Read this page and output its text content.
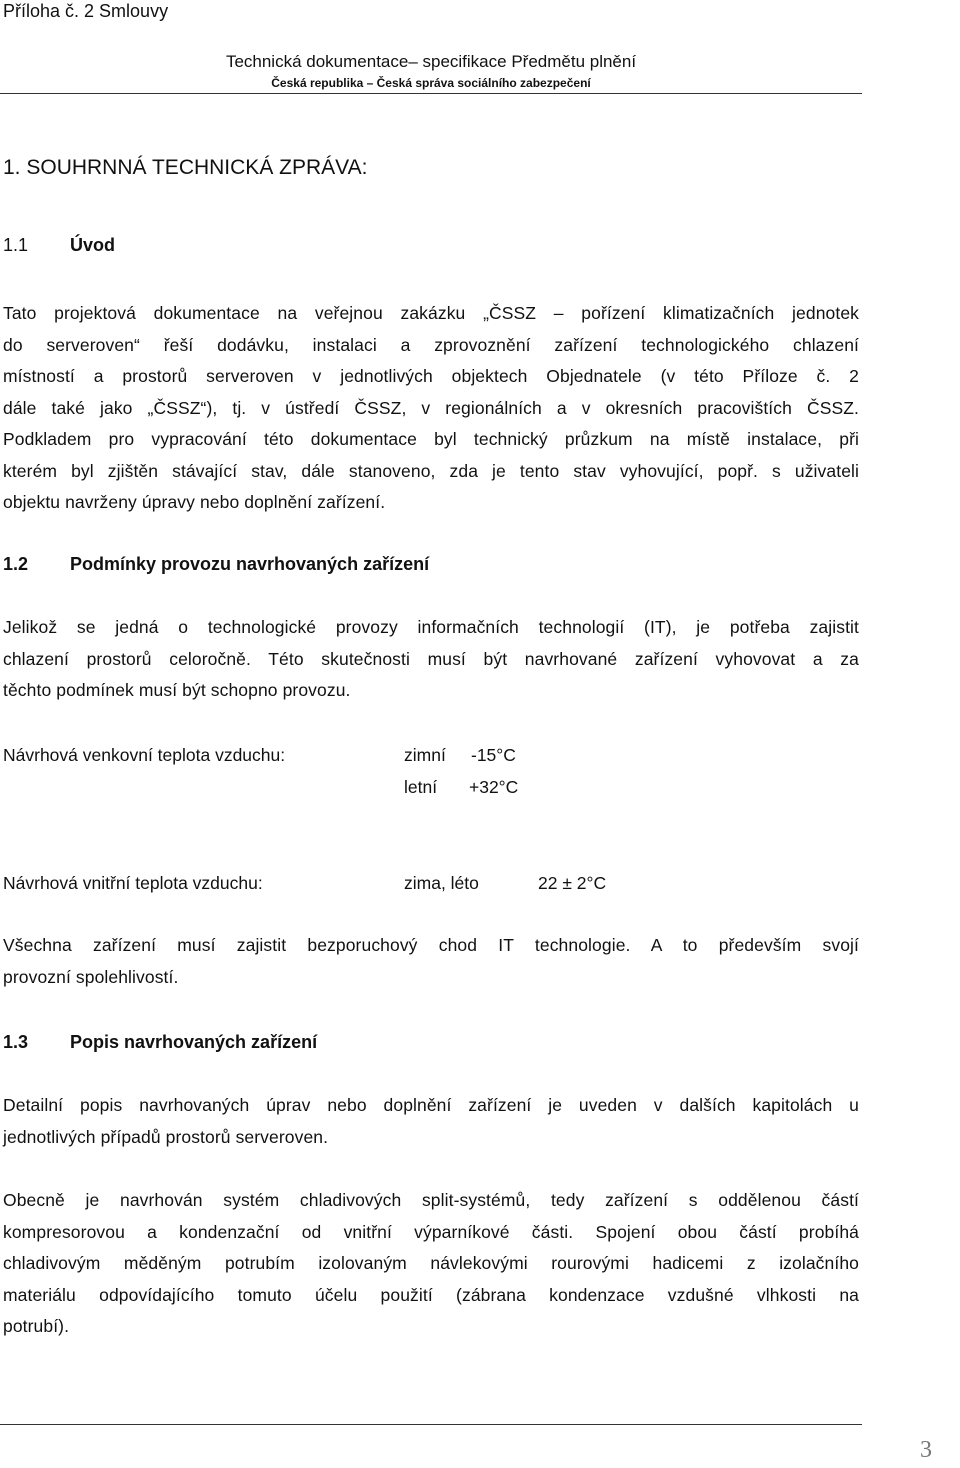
Příloha č. 2 Smlouvy
Technická dokumentace– specifikace Předmětu plnění
Česká republika – Česká správa sociálního zabezpečení
1. SOUHRNNÁ TECHNICKÁ ZPRÁVA:
1.1 Úvod
Tato projektová dokumentace na veřejnou zakázku „ČSSZ – pořízení klimatizačních jednotek
do serveroven“ řeší dodávku, instalaci a zprovoznění zařízení technologického chlazení
místností a prostorů serveroven v jednotlivých objektech Objednatele (v této Příloze č. 2
dále také jako „ČSSZ“), tj. v ústředí ČSSZ, v regionálních a v okresních pracovištích ČSSZ.
Podkladem pro vypracování této dokumentace byl technický průzkum na místě instalace, při
kterém byl zjištěn stávající stav, dále stanoveno, zda je tento stav vyhovující, popř. s uživateli
objektu navrženy úpravy nebo doplnění zařízení.
1.2 Podmínky provozu navrhovaných zařízení
Jelikož se jedná o technologické provozy informačních technologií (IT), je potřeba zajistit
chlazení prostorů celoročně. Této skutečnosti musí být navrhované zařízení vyhovovat a za
těchto podmínek musí být schopno provozu.
Návrhová venkovní teplota vzduchu:	zimní -15°C
letní +32°C
Návrhová vnitřní teplota vzduchu:	zima, léto	22 ± 2°C
Všechna zařízení musí zajistit bezporuchový chod IT technologie. A to především svojí
provozní spolehlivostí.
1.3 Popis navrhovaných zařízení
Detailní popis navrhovaných úprav nebo doplnění zařízení je uveden v dalších kapitolách u
jednotlivých případů prostorů serveroven.
Obecně je navrhován systém chladivových split-systémů, tedy zařízení s oddělenou částí
kompresorovou a kondenzační od vnitřní výparníkové části. Spojení obou částí probíhá
chladivovým měděným potrubím izolovaným návlekovými rourovými hadicemi z izolačního
materiálu odpovídajícího tomuto účelu použití (zábrana kondenzace vzdušné vlhkosti na
potrubí).
3
